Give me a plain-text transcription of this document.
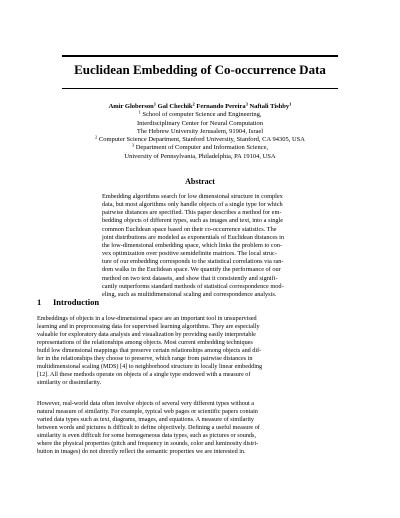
Euclidean Embedding of Co-occurrence Data
Amir Globerson$^1$ Gal Chechik$^2$ Fernando Pereira$^3$ Naftali Tishby$^1$
$^1$ School of computer Science and Engineering,
Interdisciplinary Center for Neural Computation
The Hebrew University Jerusalem, 91904, Israel
$^2$ Computer Science Department, Stanford University, Stanford, CA 94305, USA
$^3$ Department of Computer and Information Science,
University of Pennsylvania, Philadelphia, PA 19104, USA
Abstract
Embedding algorithms search for low dimensional structure in complex
data, but most algorithms only handle objects of a single type for which
pairwise distances are specified. This paper describes a method for em-
bedding objects of different types, such as images and text, into a single
common Euclidean space based on their co-occurrence statistics. The
joint distributions are modeled as exponentials of Euclidean distances in
the low-dimensional embedding space, which links the problem to con-
vex optimization over positive semidefinite matrices. The local struc-
ture of our embedding corresponds to the statistical correlations via ran-
dom walks in the Euclidean space. We quantify the performance of our
method on two text datasets, and show that it consistently and signifi-
cantly outperforms standard methods of statistical correspondence mod-
eling, such as multidimensional scaling and correspondence analysis.
1 Introduction
Embeddings of objects in a low-dimensional space are an important tool in unsupervised
learning and in preprocessing data for supervised learning algorithms. They are especially
valuable for exploratory data analysis and visualization by providing easily interpretable
representations of the relationships among objects. Most current embedding techniques
build low dimensional mappings that preserve certain relationships among objects and dif-
fer in the relationships they choose to preserve, which range from pairwise distances in
multidimensional scaling (MDS) [4] to neighborhood structure in locally linear embedding
[12]. All these methods operate on objects of a single type endowed with a measure of
similarity or dissimilarity.
However, real-world data often involve objects of several very different types without a
natural measure of similarity. For example, typical web pages or scientific papers contain
varied data types such as text, diagrams, images, and equations. A measure of similarity
between words and pictures is difficult to define objectively. Defining a useful measure of
similarity is even difficult for some homogeneous data types, such as pictures or sounds,
where the physical properties (pitch and frequency in sounds, color and luminosity distri-
bution in images) do not directly reflect the semantic properties we are interested in.
